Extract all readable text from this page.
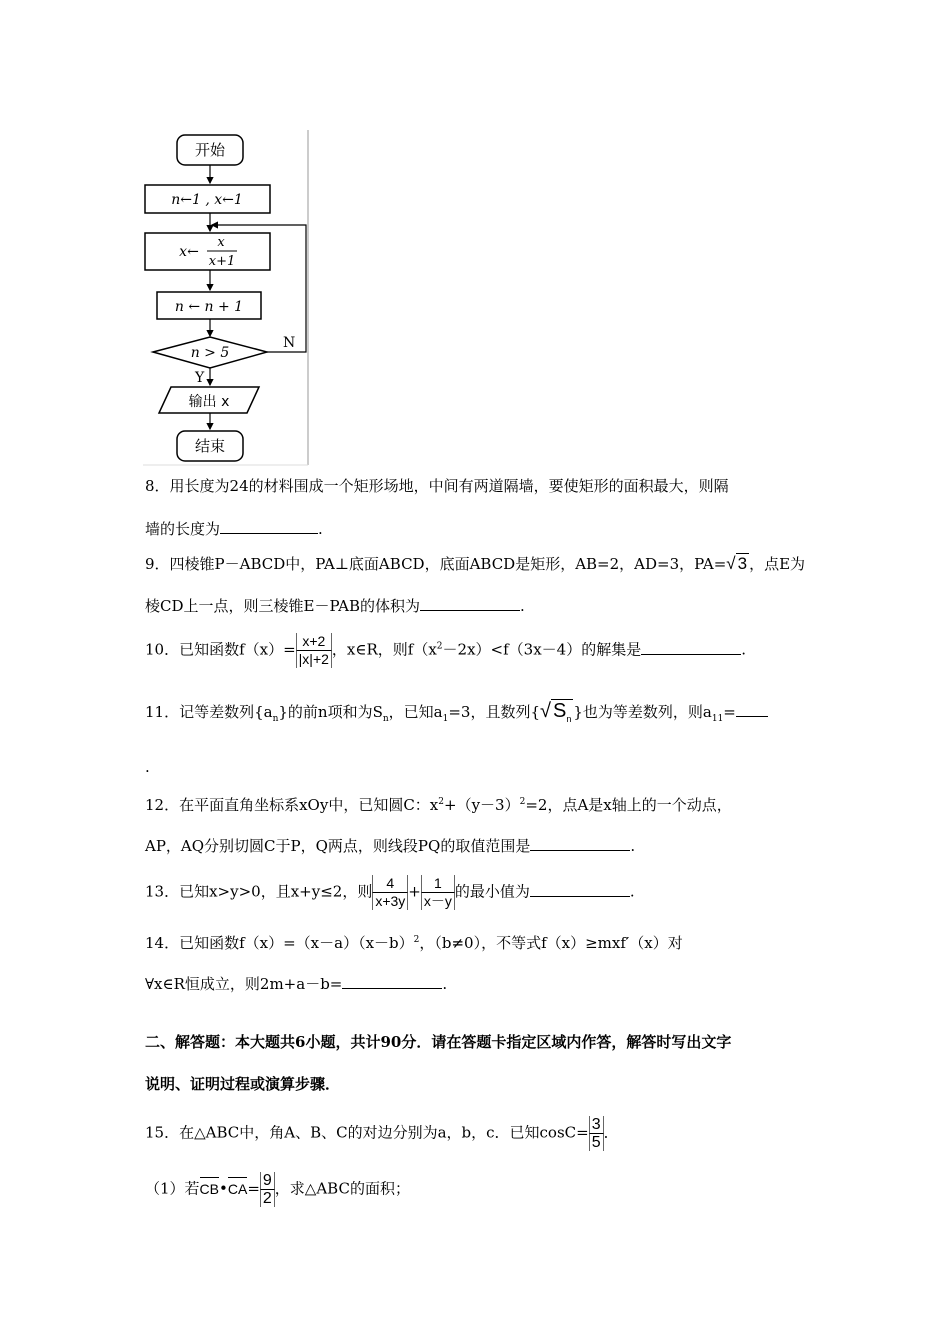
开始
n←1 , x←1
x←
x
x+1
n ← n + 1
n > 5
N
Y
输出 x
结束
8．用长度为24的材料围成一个矩形场地，中间有两道隔墙，要使矩形的面积最大，则隔
墙的长度为	.
9．四棱锥P－ABCD中，PA⊥底面ABCD，底面ABCD是矩形，AB=2，AD=3，PA=√ 3 ，点E为
棱CD上一点，则三棱锥E－PAB的体积为	.
10．已知函数$f(x)= \frac{x+2}{|x|+2}$ ，x∈R，则$f(x^2-2x)<f(3x-4)$的解集是	.
11．记等差数列$\{a_n\}$的前n项和为$S_n$，已知$a_1=3$，且数列{√ $S_n$ }也为等差数列，则$a_{11}=$
.
12．在平面直角坐标系xOy中，已知圆C：$x^2+(y-3)^2=2$，点A是x轴上的一个动点，
AP，AQ分别切圆C于P，Q两点，则线段PQ的取值范围是	.
13．已知x>y>0，且x+y≤2，则 $\frac{4}{x+3y} + \frac{1}{x-y}$ 的最小值为	.
14．已知函数$f(x)=(x-a)(x-b)^2$，（b≠0），不等式f（x）≥mxf′（x）对
∀x∈R恒成立，则2m+a－b=	.
二、解答题：本大题共6小题，共计90分．请在答题卡指定区域内作答，解答时写出文字
说明、证明过程或演算步骤．
15．在△ABC中，角A、B、C的对边分别为a，b，c．已知$\cos C= \frac{3}{5}$ ．
（1）若CB•CA= $\frac{9}{2}$ ，求△ABC的面积；
